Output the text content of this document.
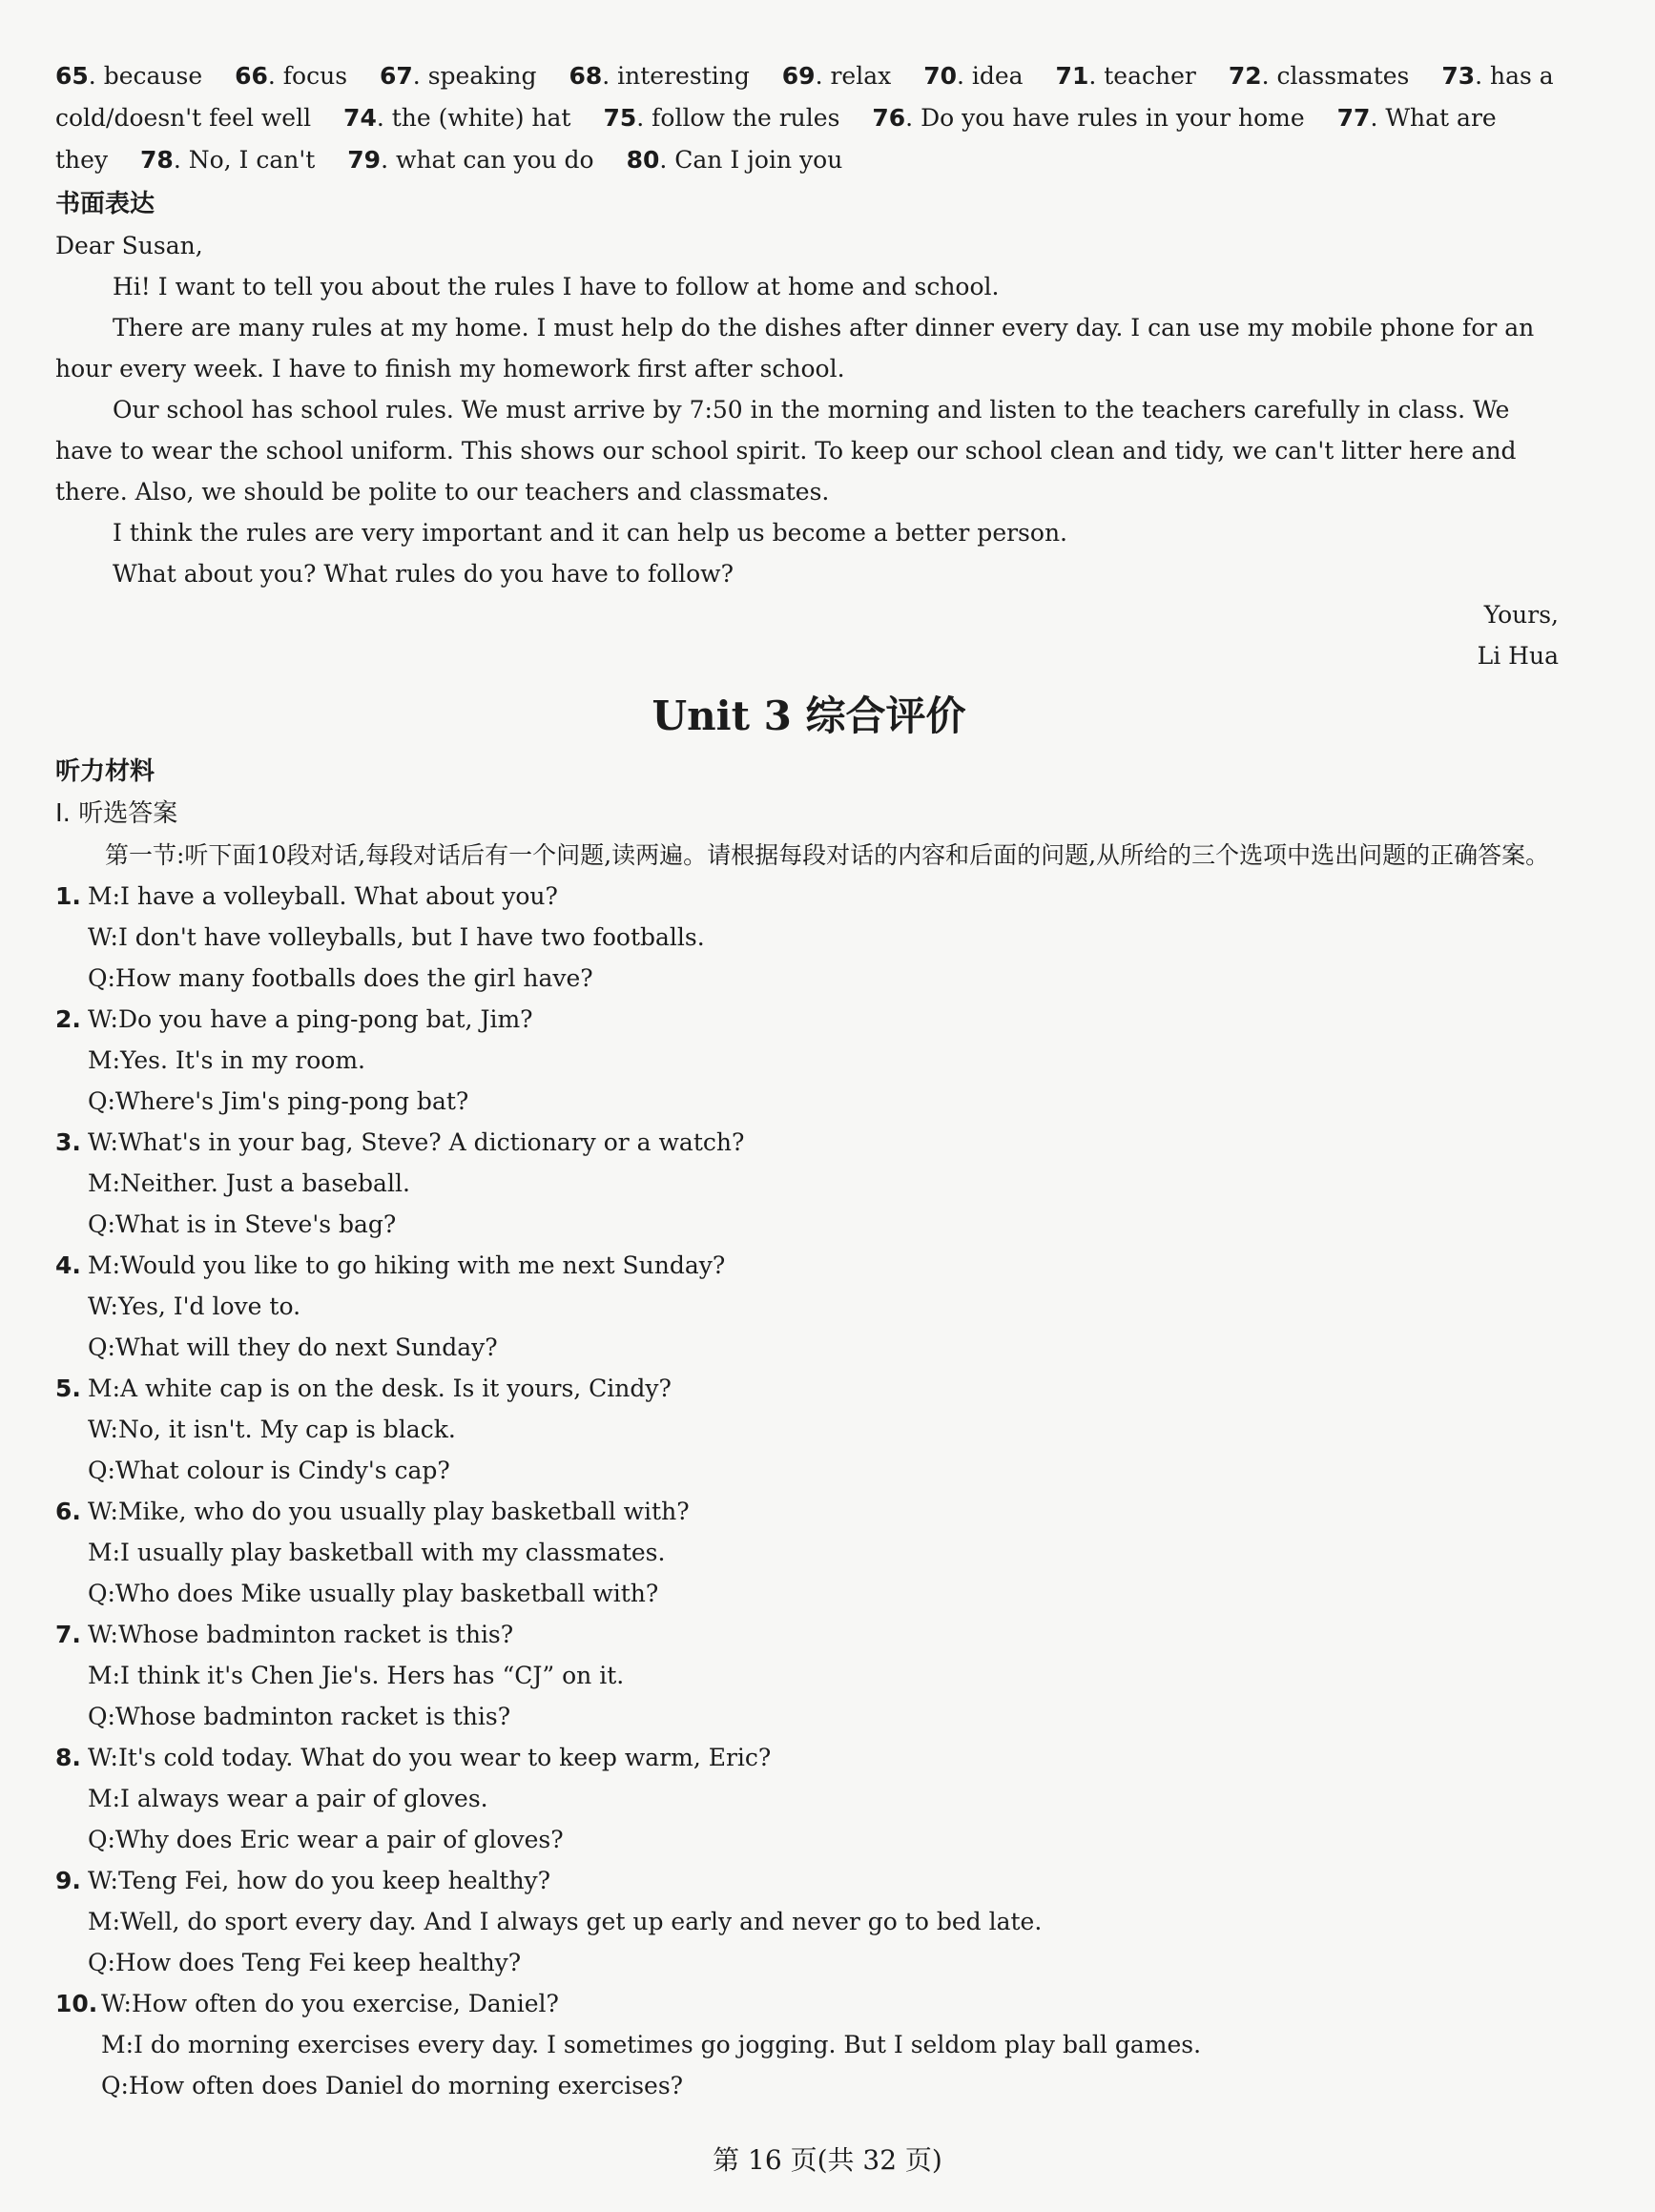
65. because 66. focus 67. speaking 68. interesting 69. relax 70. idea 71. teacher 72. classmates 73. has a cold/doesn't feel well 74. the (white) hat 75. follow the rules 76. Do you have rules in your home 77. What are they 78. No, I can't 79. what can you do 80. Can I join you

书面表达

Dear Susan,

Hi! I want to tell you about the rules I have to follow at home and school.

There are many rules at my home. I must help do the dishes after dinner every day. I can use my mobile phone for an hour every week. I have to finish my homework first after school.

Our school has school rules. We must arrive by 7:50 in the morning and listen to the teachers carefully in class. We have to wear the school uniform. This shows our school spirit. To keep our school clean and tidy, we can't litter here and there. Also, we should be polite to our teachers and classmates.

I think the rules are very important and it can help us become a better person.

What about you? What rules do you have to follow?

Yours,

Li Hua

Unit 3 综合评价
听力材料
Ⅰ. 听选答案

第一节:听下面10段对话,每段对话后有一个问题,读两遍。请根据每段对话的内容和后面的问题,从所给的三个选项中选出问题的正确答案。

1. M:I have a volleyball. What about you?

W:I don't have volleyballs, but I have two footballs.

Q:How many footballs does the girl have?

2. W:Do you have a ping-pong bat, Jim?

M:Yes. It's in my room.

Q:Where's Jim's ping-pong bat?

3. W:What's in your bag, Steve? A dictionary or a watch?

M:Neither. Just a baseball.

Q:What is in Steve's bag?

4. M:Would you like to go hiking with me next Sunday?

W:Yes, I'd love to.

Q:What will they do next Sunday?

5. M:A white cap is on the desk. Is it yours, Cindy?

W:No, it isn't. My cap is black.

Q:What colour is Cindy's cap?

6. W:Mike, who do you usually play basketball with?

M:I usually play basketball with my classmates.

Q:Who does Mike usually play basketball with?

7. W:Whose badminton racket is this?

M:I think it's Chen Jie's. Hers has “CJ” on it.

Q:Whose badminton racket is this?

8. W:It's cold today. What do you wear to keep warm, Eric?

M:I always wear a pair of gloves.

Q:Why does Eric wear a pair of gloves?

9. W:Teng Fei, how do you keep healthy?

M:Well, do sport every day. And I always get up early and never go to bed late.

Q:How does Teng Fei keep healthy?

10. W:How often do you exercise, Daniel?

M:I do morning exercises every day. I sometimes go jogging. But I seldom play ball games.

Q:How often does Daniel do morning exercises?

第 16 页(共 32 页)
